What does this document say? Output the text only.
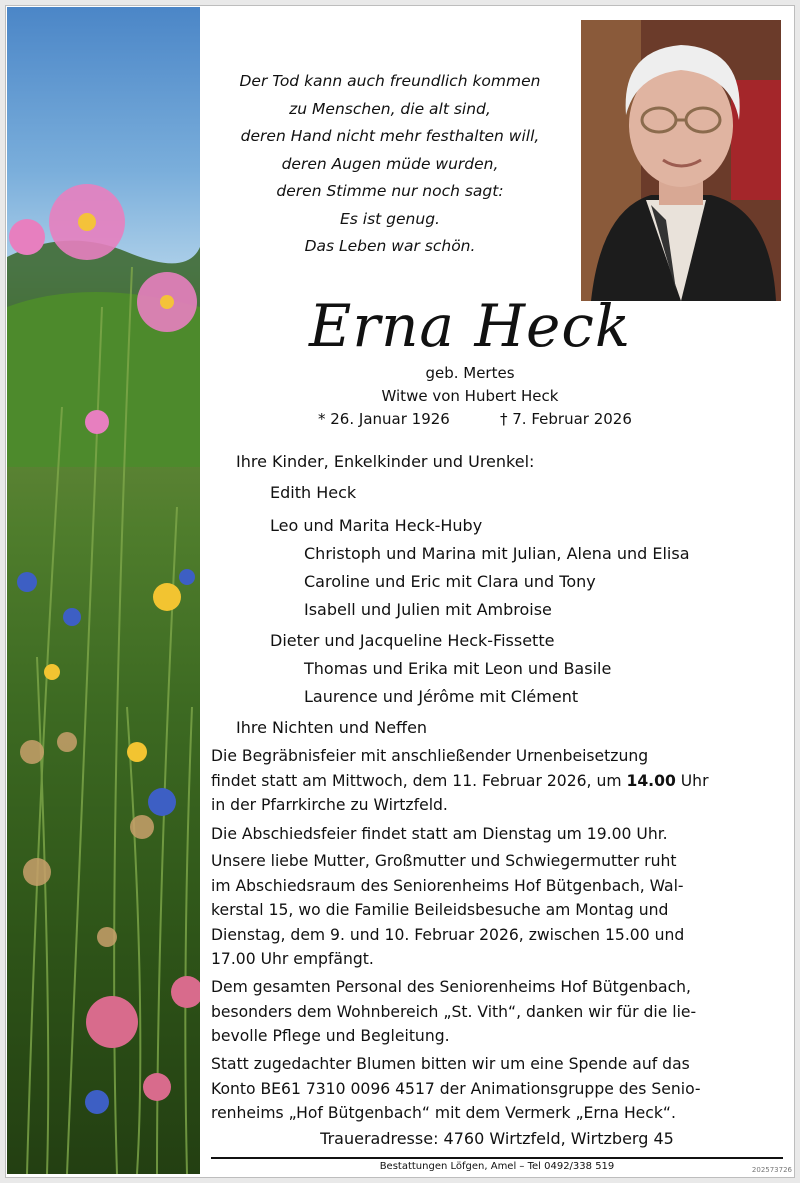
Der Tod kann auch freundlich kommen
zu Menschen, die alt sind,
deren Hand nicht mehr festhalten will,
deren Augen müde wurden,
deren Stimme nur noch sagt:
Es ist genug.
Das Leben war schön.
Erna Heck
geb. Mertes
Witwe von Hubert Heck
* 26. Januar 1926	† 7. Februar 2026
Ihre Kinder, Enkelkinder und Urenkel:
Edith Heck
Leo und Marita Heck-Huby
Christoph und Marina mit Julian, Alena und Elisa
Caroline und Eric mit Clara und Tony
Isabell und Julien mit Ambroise
Dieter und Jacqueline Heck-Fissette
Thomas und Erika mit Leon und Basile
Laurence und Jérôme mit Clément
Ihre Nichten und Neffen
Die Begräbnisfeier mit anschließender Urnenbeisetzung
findet statt am Mittwoch, dem 11. Februar 2026, um 14.00 Uhr
in der Pfarrkirche zu Wirtzfeld.
Die Abschiedsfeier findet statt am Dienstag um 19.00 Uhr.
Unsere liebe Mutter, Großmutter und Schwiegermutter ruht
im Abschiedsraum des Seniorenheims Hof Bütgenbach, Wal-
kerstal 15, wo die Familie Beileidsbesuche am Montag und
Dienstag, dem 9. und 10. Februar 2026, zwischen 15.00 und
17.00 Uhr empfängt.
Dem gesamten Personal des Seniorenheims Hof Bütgenbach,
besonders dem Wohnbereich „St. Vith“, danken wir für die lie-
bevolle Pflege und Begleitung.
Statt zugedachter Blumen bitten wir um eine Spende auf das
Konto BE61 7310 0096 4517 der Animationsgruppe des Senio-
renheims „Hof Bütgenbach“ mit dem Vermerk „Erna Heck“.
Traueradresse: 4760 Wirtzfeld, Wirtzberg 45
Bestattungen Löfgen, Amel – Tel 0492/338 519	202573726
